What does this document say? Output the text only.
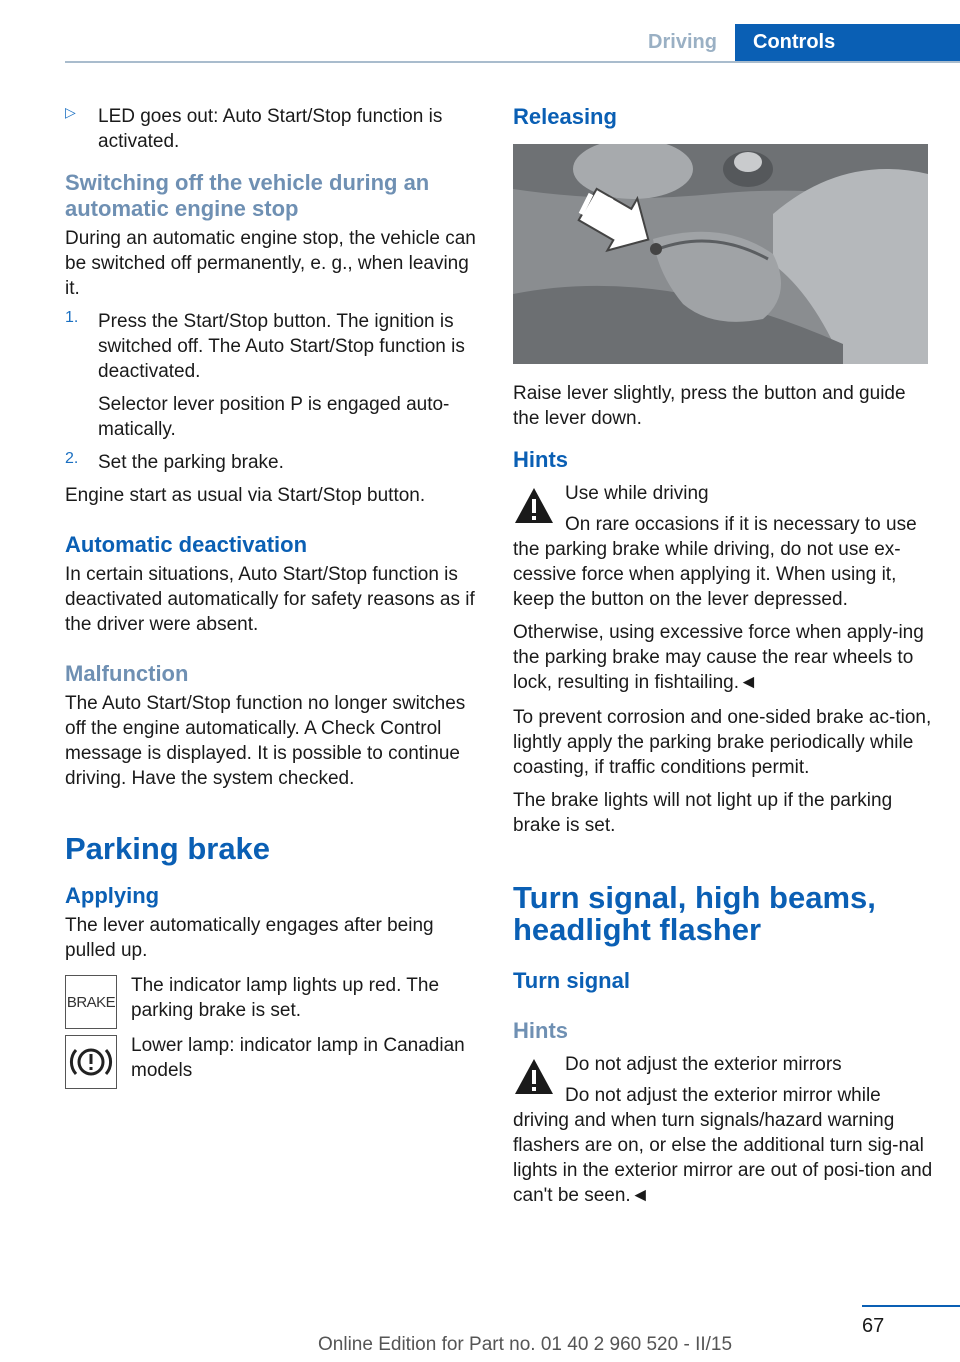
Driving	Controls
▷ LED goes out: Auto Start/Stop function is activated.

Switching off the vehicle during an automatic engine stop

During an automatic engine stop, the vehicle can be switched off permanently, e. g., when leaving it.

1. Press the Start/Stop button. The ignition is switched off. The Auto Start/Stop function is deactivated.

Selector lever position P is engaged auto‐matically.

2. Set the parking brake.

Engine start as usual via Start/Stop button.

Automatic deactivation

In certain situations, Auto Start/Stop function is deactivated automatically for safety reasons as if the driver were absent.

Malfunction

The Auto Start/Stop function no longer switches off the engine automatically. A Check Control message is displayed. It is possible to continue driving. Have the system checked.

Parking brake
Applying

The lever automatically engages after being pulled up.

BRAKE

The indicator lamp lights up red. The parking brake is set.

Lower lamp: indicator lamp in Canadian models

Releasing

Raise lever slightly, press the button and guide the lever down.

Hints

Use while driving

On rare occasions if it is necessary to use the parking brake while driving, do not use ex‐cessive force when applying it. When using it, keep the button on the lever depressed.

Otherwise, using excessive force when apply‐ing the parking brake may cause the rear wheels to lock, resulting in fishtailing.◄

To prevent corrosion and one-sided brake ac‐tion, lightly apply the parking brake periodically while coasting, if traffic conditions permit.

The brake lights will not light up if the parking brake is set.

Turn signal, high beams, headlight flasher
Turn signal
Hints

Do not adjust the exterior mirrors

Do not adjust the exterior mirror while driving and when turn signals/hazard warning flashers are on, or else the additional turn sig‐nal lights in the exterior mirror are out of posi‐tion and can't be seen.◄

67
Online Edition for Part no. 01 40 2 960 520 - II/15
